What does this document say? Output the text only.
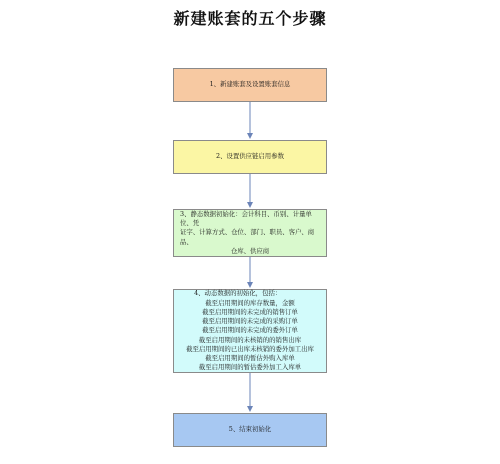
新建账套的五个步骤
1、新建账套及设置账套信息
2、设置供应链启用参数
3、静态数据初始化：会计科目、币别、计量单位、凭
证字、计算方式、仓位、部门、职员、客户、商品、
仓库、供应商
4、动态数据的初始化，包括：
截至启用期间的库存数量，金额
截至启用期间的未完成的销售订单
截至启用期间的未完成的采购订单
截至启用期间的未完成的委外订单
截至启用期间的未核销的的销售出库
截至启用期间的已出库未核销的委外加工出库
截至启用期间的暂估外购入库单
截至启用期间的暂估委外加工入库单
5、结束初始化
